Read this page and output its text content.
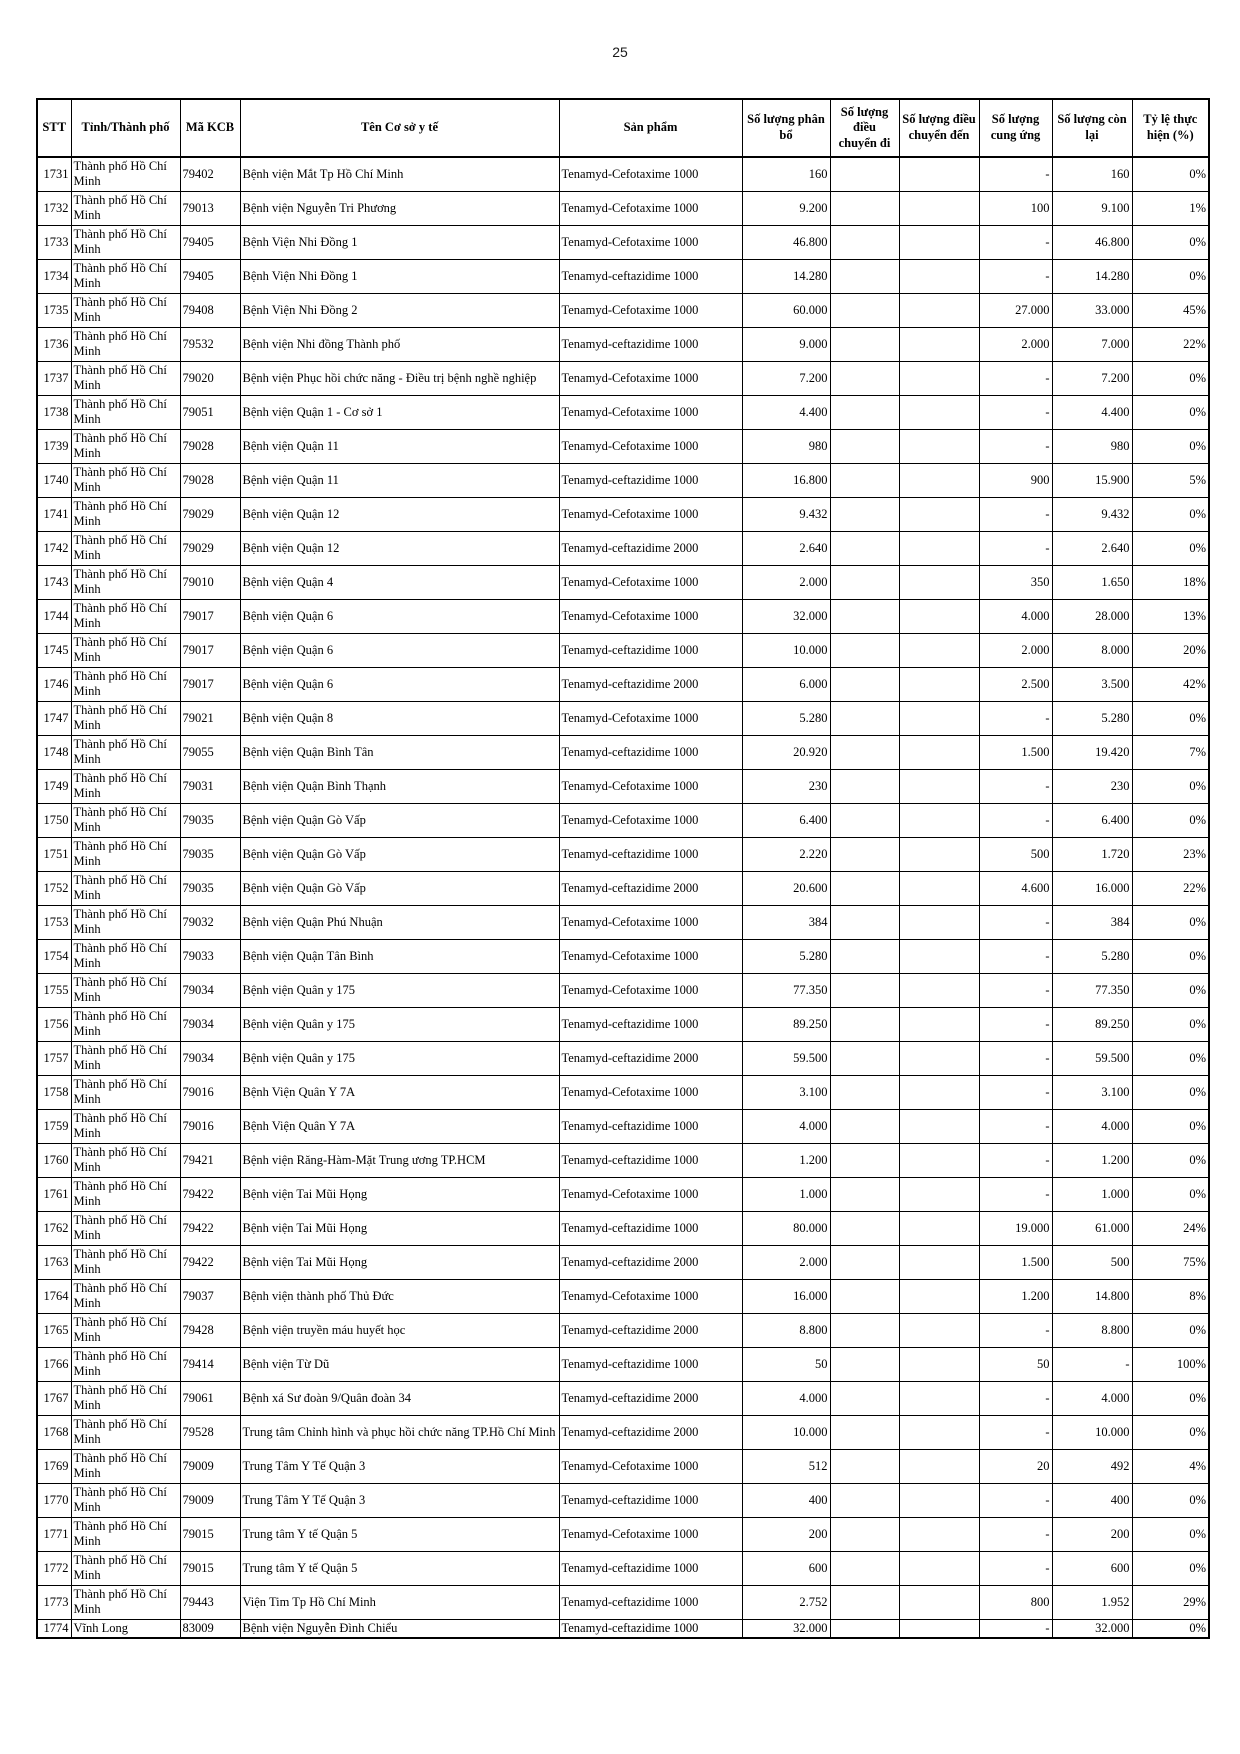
25
STT	Tỉnh/Thành phố	Mã KCB	Tên Cơ sở y tế	Sản phẩm	Số lượng phân bổ	Số lượng điều chuyển đi	Số lượng điều chuyển đến	Số lượng cung ứng	Số lượng còn lại	Tỷ lệ thực hiện (%)
1731	Thành phố Hồ Chí Minh	79402	Bệnh viện Mắt Tp Hồ Chí Minh	Tenamyd-Cefotaxime 1000	160			-	160	0%
1732	Thành phố Hồ Chí Minh	79013	Bệnh viện Nguyễn Tri Phương	Tenamyd-Cefotaxime 1000	9.200			100	9.100	1%
1733	Thành phố Hồ Chí Minh	79405	Bệnh Viện Nhi Đồng 1	Tenamyd-Cefotaxime 1000	46.800			-	46.800	0%
1734	Thành phố Hồ Chí Minh	79405	Bệnh Viện Nhi Đồng 1	Tenamyd-ceftazidime 1000	14.280			-	14.280	0%
1735	Thành phố Hồ Chí Minh	79408	Bệnh Viện Nhi Đồng 2	Tenamyd-Cefotaxime 1000	60.000			27.000	33.000	45%
1736	Thành phố Hồ Chí Minh	79532	Bệnh viện Nhi đồng Thành phố	Tenamyd-ceftazidime 1000	9.000			2.000	7.000	22%
1737	Thành phố Hồ Chí Minh	79020	Bệnh viện Phục hồi chức năng - Điều trị bệnh nghề nghiệp	Tenamyd-Cefotaxime 1000	7.200			-	7.200	0%
1738	Thành phố Hồ Chí Minh	79051	Bệnh viện Quận 1 - Cơ sở 1	Tenamyd-Cefotaxime 1000	4.400			-	4.400	0%
1739	Thành phố Hồ Chí Minh	79028	Bệnh viện Quận 11	Tenamyd-Cefotaxime 1000	980			-	980	0%
1740	Thành phố Hồ Chí Minh	79028	Bệnh viện Quận 11	Tenamyd-ceftazidime 1000	16.800			900	15.900	5%
1741	Thành phố Hồ Chí Minh	79029	Bệnh viện Quận 12	Tenamyd-Cefotaxime 1000	9.432			-	9.432	0%
1742	Thành phố Hồ Chí Minh	79029	Bệnh viện Quận 12	Tenamyd-ceftazidime 2000	2.640			-	2.640	0%
1743	Thành phố Hồ Chí Minh	79010	Bệnh viện Quận 4	Tenamyd-Cefotaxime 1000	2.000			350	1.650	18%
1744	Thành phố Hồ Chí Minh	79017	Bệnh viện Quận 6	Tenamyd-Cefotaxime 1000	32.000			4.000	28.000	13%
1745	Thành phố Hồ Chí Minh	79017	Bệnh viện Quận 6	Tenamyd-ceftazidime 1000	10.000			2.000	8.000	20%
1746	Thành phố Hồ Chí Minh	79017	Bệnh viện Quận 6	Tenamyd-ceftazidime 2000	6.000			2.500	3.500	42%
1747	Thành phố Hồ Chí Minh	79021	Bệnh viện Quận 8	Tenamyd-Cefotaxime 1000	5.280			-	5.280	0%
1748	Thành phố Hồ Chí Minh	79055	Bệnh viện Quận Bình Tân	Tenamyd-ceftazidime 1000	20.920			1.500	19.420	7%
1749	Thành phố Hồ Chí Minh	79031	Bệnh viện Quận Bình Thạnh	Tenamyd-Cefotaxime 1000	230			-	230	0%
1750	Thành phố Hồ Chí Minh	79035	Bệnh viện Quận Gò Vấp	Tenamyd-Cefotaxime 1000	6.400			-	6.400	0%
1751	Thành phố Hồ Chí Minh	79035	Bệnh viện Quận Gò Vấp	Tenamyd-ceftazidime 1000	2.220			500	1.720	23%
1752	Thành phố Hồ Chí Minh	79035	Bệnh viện Quận Gò Vấp	Tenamyd-ceftazidime 2000	20.600			4.600	16.000	22%
1753	Thành phố Hồ Chí Minh	79032	Bệnh viện Quận Phú Nhuận	Tenamyd-Cefotaxime 1000	384			-	384	0%
1754	Thành phố Hồ Chí Minh	79033	Bệnh viện Quận Tân Bình	Tenamyd-Cefotaxime 1000	5.280			-	5.280	0%
1755	Thành phố Hồ Chí Minh	79034	Bệnh viện Quân y 175	Tenamyd-Cefotaxime 1000	77.350			-	77.350	0%
1756	Thành phố Hồ Chí Minh	79034	Bệnh viện Quân y 175	Tenamyd-ceftazidime 1000	89.250			-	89.250	0%
1757	Thành phố Hồ Chí Minh	79034	Bệnh viện Quân y 175	Tenamyd-ceftazidime 2000	59.500			-	59.500	0%
1758	Thành phố Hồ Chí Minh	79016	Bệnh Viện Quân Y 7A	Tenamyd-Cefotaxime 1000	3.100			-	3.100	0%
1759	Thành phố Hồ Chí Minh	79016	Bệnh Viện Quân Y 7A	Tenamyd-ceftazidime 1000	4.000			-	4.000	0%
1760	Thành phố Hồ Chí Minh	79421	Bệnh viện Răng-Hàm-Mặt Trung ương TP.HCM	Tenamyd-ceftazidime 1000	1.200			-	1.200	0%
1761	Thành phố Hồ Chí Minh	79422	Bệnh viện Tai Mũi Họng	Tenamyd-Cefotaxime 1000	1.000			-	1.000	0%
1762	Thành phố Hồ Chí Minh	79422	Bệnh viện Tai Mũi Họng	Tenamyd-ceftazidime 1000	80.000			19.000	61.000	24%
1763	Thành phố Hồ Chí Minh	79422	Bệnh viện Tai Mũi Họng	Tenamyd-ceftazidime 2000	2.000			1.500	500	75%
1764	Thành phố Hồ Chí Minh	79037	Bệnh viện thành phố Thủ Đức	Tenamyd-Cefotaxime 1000	16.000			1.200	14.800	8%
1765	Thành phố Hồ Chí Minh	79428	Bệnh viện truyền máu huyết học	Tenamyd-ceftazidime 2000	8.800			-	8.800	0%
1766	Thành phố Hồ Chí Minh	79414	Bệnh viện Từ Dũ	Tenamyd-ceftazidime 1000	50			50	-	100%
1767	Thành phố Hồ Chí Minh	79061	Bệnh xá Sư đoàn 9/Quân đoàn 34	Tenamyd-ceftazidime 2000	4.000			-	4.000	0%
1768	Thành phố Hồ Chí Minh	79528	Trung tâm Chỉnh hình và phục hồi chức năng TP.Hồ Chí Minh	Tenamyd-ceftazidime 2000	10.000			-	10.000	0%
1769	Thành phố Hồ Chí Minh	79009	Trung Tâm Y Tế Quận 3	Tenamyd-Cefotaxime 1000	512			20	492	4%
1770	Thành phố Hồ Chí Minh	79009	Trung Tâm Y Tế Quận 3	Tenamyd-ceftazidime 1000	400			-	400	0%
1771	Thành phố Hồ Chí Minh	79015	Trung tâm Y tế Quận 5	Tenamyd-Cefotaxime 1000	200			-	200	0%
1772	Thành phố Hồ Chí Minh	79015	Trung tâm Y tế Quận 5	Tenamyd-ceftazidime 1000	600			-	600	0%
1773	Thành phố Hồ Chí Minh	79443	Viện Tim Tp Hồ Chí Minh	Tenamyd-ceftazidime 1000	2.752			800	1.952	29%
1774	Vĩnh Long	83009	Bệnh viện Nguyễn Đình Chiểu	Tenamyd-ceftazidime 1000	32.000			-	32.000	0%
